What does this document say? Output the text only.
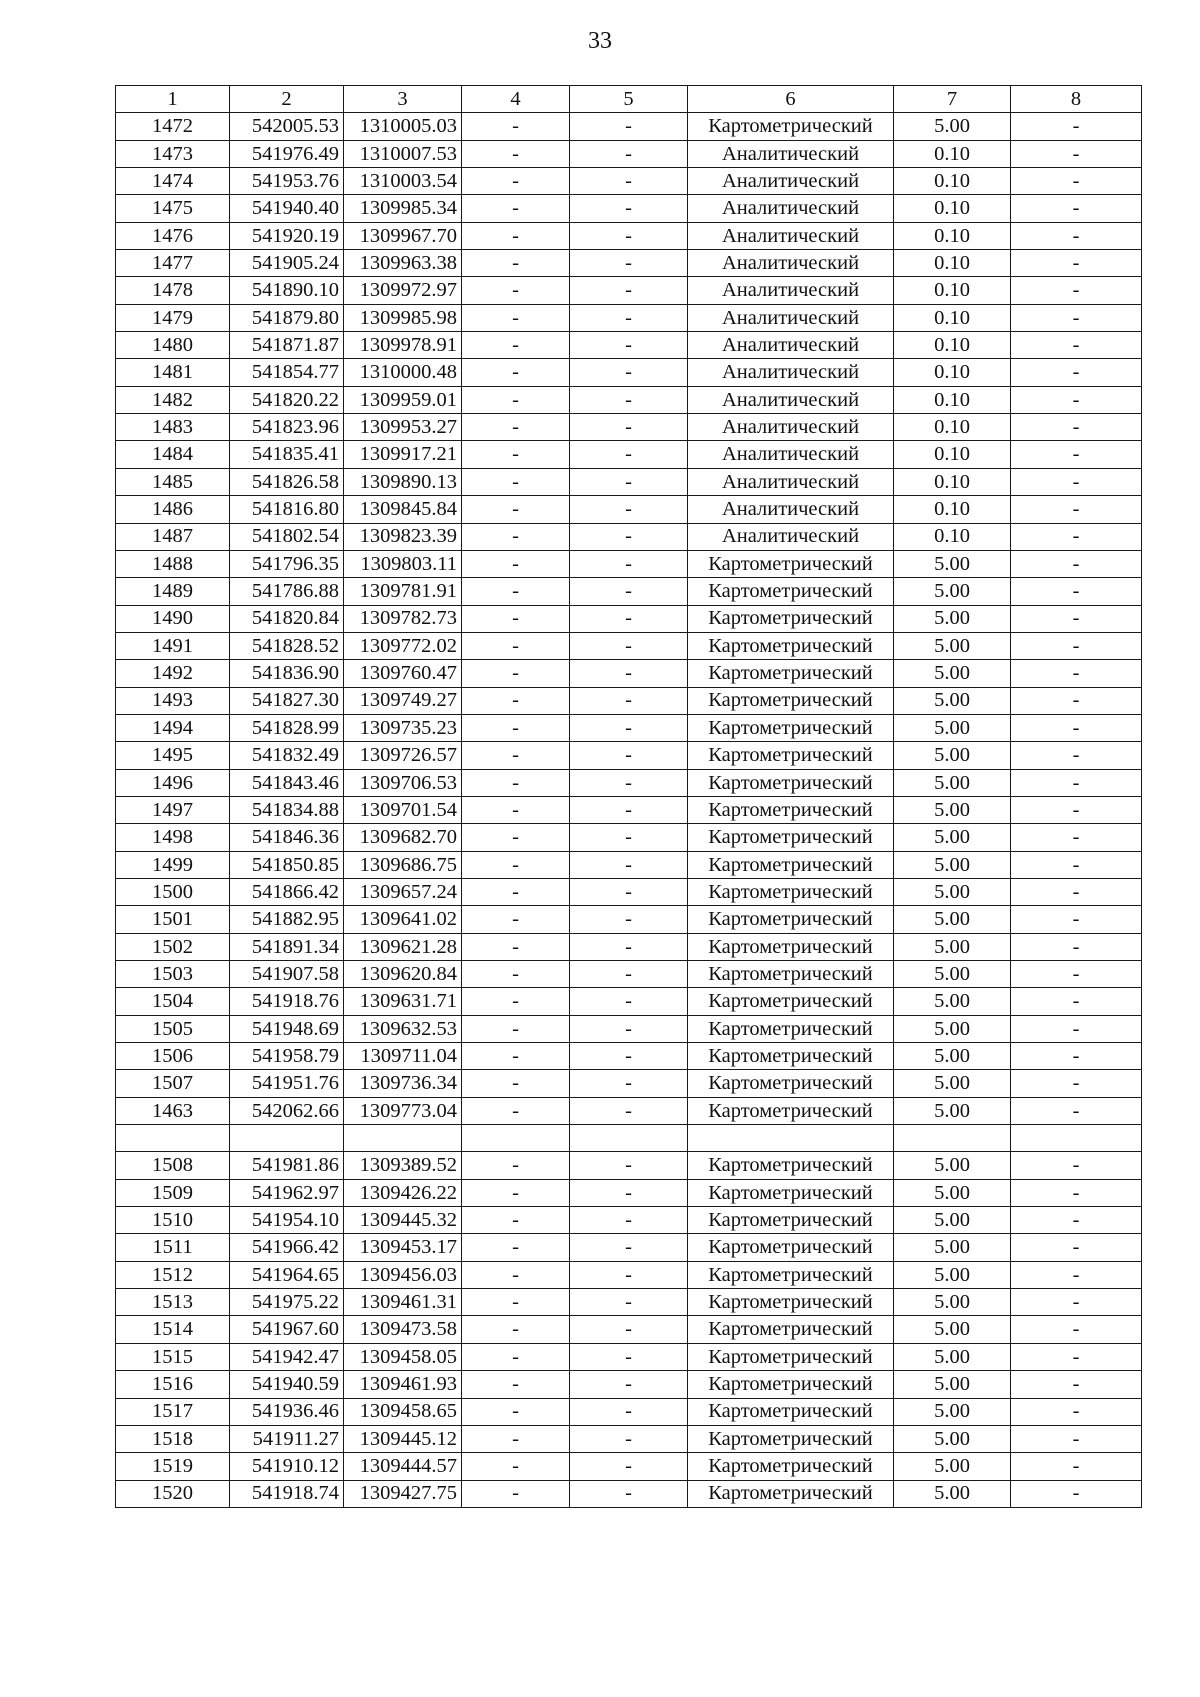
33
1	2	3	4	5	6	7	8
1472	542005.53	1310005.03	-	-	Картометрический	5.00	-
1473	541976.49	1310007.53	-	-	Аналитический	0.10	-
1474	541953.76	1310003.54	-	-	Аналитический	0.10	-
1475	541940.40	1309985.34	-	-	Аналитический	0.10	-
1476	541920.19	1309967.70	-	-	Аналитический	0.10	-
1477	541905.24	1309963.38	-	-	Аналитический	0.10	-
1478	541890.10	1309972.97	-	-	Аналитический	0.10	-
1479	541879.80	1309985.98	-	-	Аналитический	0.10	-
1480	541871.87	1309978.91	-	-	Аналитический	0.10	-
1481	541854.77	1310000.48	-	-	Аналитический	0.10	-
1482	541820.22	1309959.01	-	-	Аналитический	0.10	-
1483	541823.96	1309953.27	-	-	Аналитический	0.10	-
1484	541835.41	1309917.21	-	-	Аналитический	0.10	-
1485	541826.58	1309890.13	-	-	Аналитический	0.10	-
1486	541816.80	1309845.84	-	-	Аналитический	0.10	-
1487	541802.54	1309823.39	-	-	Аналитический	0.10	-
1488	541796.35	1309803.11	-	-	Картометрический	5.00	-
1489	541786.88	1309781.91	-	-	Картометрический	5.00	-
1490	541820.84	1309782.73	-	-	Картометрический	5.00	-
1491	541828.52	1309772.02	-	-	Картометрический	5.00	-
1492	541836.90	1309760.47	-	-	Картометрический	5.00	-
1493	541827.30	1309749.27	-	-	Картометрический	5.00	-
1494	541828.99	1309735.23	-	-	Картометрический	5.00	-
1495	541832.49	1309726.57	-	-	Картометрический	5.00	-
1496	541843.46	1309706.53	-	-	Картометрический	5.00	-
1497	541834.88	1309701.54	-	-	Картометрический	5.00	-
1498	541846.36	1309682.70	-	-	Картометрический	5.00	-
1499	541850.85	1309686.75	-	-	Картометрический	5.00	-
1500	541866.42	1309657.24	-	-	Картометрический	5.00	-
1501	541882.95	1309641.02	-	-	Картометрический	5.00	-
1502	541891.34	1309621.28	-	-	Картометрический	5.00	-
1503	541907.58	1309620.84	-	-	Картометрический	5.00	-
1504	541918.76	1309631.71	-	-	Картометрический	5.00	-
1505	541948.69	1309632.53	-	-	Картометрический	5.00	-
1506	541958.79	1309711.04	-	-	Картометрический	5.00	-
1507	541951.76	1309736.34	-	-	Картометрический	5.00	-
1463	542062.66	1309773.04	-	-	Картометрический	5.00	-

1508	541981.86	1309389.52	-	-	Картометрический	5.00	-
1509	541962.97	1309426.22	-	-	Картометрический	5.00	-
1510	541954.10	1309445.32	-	-	Картометрический	5.00	-
1511	541966.42	1309453.17	-	-	Картометрический	5.00	-
1512	541964.65	1309456.03	-	-	Картометрический	5.00	-
1513	541975.22	1309461.31	-	-	Картометрический	5.00	-
1514	541967.60	1309473.58	-	-	Картометрический	5.00	-
1515	541942.47	1309458.05	-	-	Картометрический	5.00	-
1516	541940.59	1309461.93	-	-	Картометрический	5.00	-
1517	541936.46	1309458.65	-	-	Картометрический	5.00	-
1518	541911.27	1309445.12	-	-	Картометрический	5.00	-
1519	541910.12	1309444.57	-	-	Картометрический	5.00	-
1520	541918.74	1309427.75	-	-	Картометрический	5.00	-
